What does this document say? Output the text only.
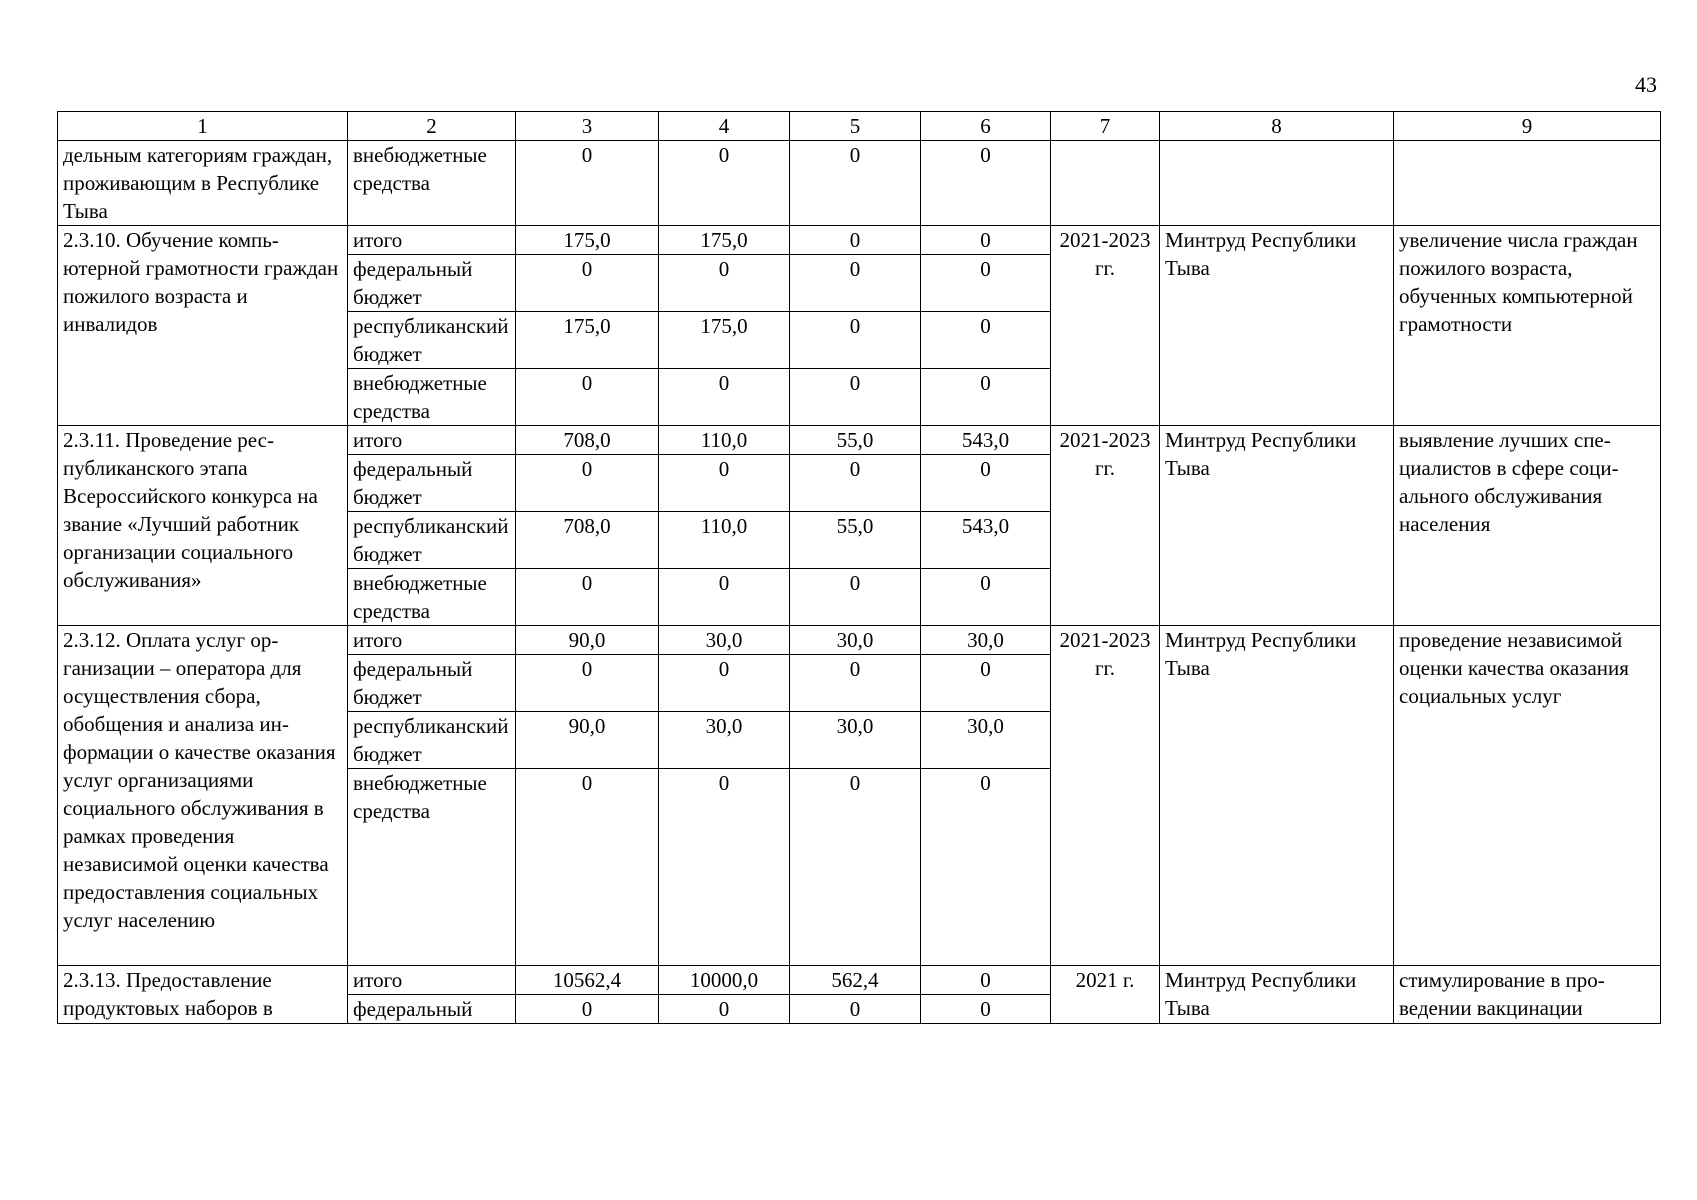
43
1	2	3	4	5	6	7	8	9
дельным категориям граждан, проживающим в Республике Тыва	внебюджетные средства	0	0	0	0			
2.3.10. Обучение компьютерной грамотности граждан пожилого возраста и инвалидов	итого	175,0	175,0	0	0	2021-2023 гг.	Минтруд Республики Тыва	увеличение числа граждан пожилого возраста, обученных компьютерной грамотности
	федеральный бюджет	0	0	0	0			
	республиканский бюджет	175,0	175,0	0	0			
	внебюджетные средства	0	0	0	0			
2.3.11. Проведение республиканского этапа Всероссийского конкурса на звание «Лучший работник организации социального обслуживания»	итого	708,0	110,0	55,0	543,0	2021-2023 гг.	Минтруд Республики Тыва	выявление лучших специалистов в сфере социального обслуживания населения
	федеральный бюджет	0	0	0	0			
	республиканский бюджет	708,0	110,0	55,0	543,0			
	внебюджетные средства	0	0	0	0			
2.3.12. Оплата услуг организации – оператора для осуществления сбора, обобщения и анализа информации о качестве оказания услуг организациями социального обслуживания в рамках проведения независимой оценки качества предоставления социальных услуг населению	итого	90,0	30,0	30,0	30,0	2021-2023 гг.	Минтруд Республики Тыва	проведение независимой оценки качества оказания социальных услуг
	федеральный бюджет	0	0	0	0			
	республиканский бюджет	90,0	30,0	30,0	30,0			
	внебюджетные средства	0	0	0	0			
2.3.13. Предоставление продуктовых наборов в	итого	10562,4	10000,0	562,4	0	2021 г.	Минтруд Республики Тыва	стимулирование в проведении вакцинации
	федеральный	0	0	0	0			
